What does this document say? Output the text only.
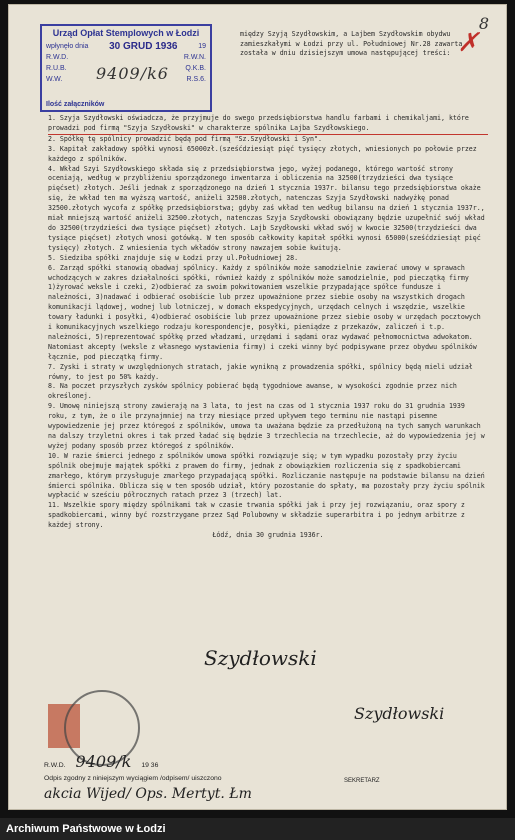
8
✗
Urząd Opłat Stemplowych w Łodzi
wpłynęło dnia 30 GRUD 1936	19
R.W.D.	R.W.N.
R.U.B.	Q.K.B.
W.W.	R.S.6.
Ilość załączników
9409/k6
między Szyją Szydłowskim, a Lajbem Szydłowskim obydwu zamieszkałymi w Łodzi przy ul. Południowej Nr.28 zawarta została w dniu dzisiejszym umowa następującej treści:

1. Szyja Szydłowski oświadcza, że przyjmuje do swego przedsiębiorstwa handlu farbami i chemikaljami, które prowadzi pod firmą "Szyja Szydłowski" w charakterze spólnika Lajba Szydłowskiego.

2. Spółkę tę spólnicy prowadzić będą pod firmą "Sz.Szydłowski i Syn".

3. Kapitał zakładowy spółki wynosi 65000zł.(sześćdziesiąt pięć tysięcy złotych, wniesionych po połowie przez każdego z spólników.

4. Wkład Szyi Szydłowskiego składa się z przedsiębiorstwa jego, wyżej podanego, którego wartość strony oceniają, według w przybliżeniu sporządzonego inwentarza i obliczenia na 32500(trzydzieści dwa tysiące pięćset) złotych. Jeśli jednak z sporządzonego na dzień 1 stycznia 1937r. bilansu tego przedsiębiorstwa okaże się, że wkład ten ma wyższą wartość, aniżeli 32500.złotych, natenczas Szyja Szydłowski nadwyżkę ponad 32500.złotych wycofa z spółkę przedsiębiorstwa; gdyby zaś wkład ten według bilansu na dzień 1 stycznia 1937r., miał mniejszą wartość aniżeli 32500.złotych, natenczas Szyja Szydłowski obowiązany będzie uzupełnić swój wkład do 32500(trzydzieści dwa tysiące pięćset) złotych. Lajb Szydłowski wkład swój w kwocie 32500(trzydzieści dwa tysiące pięćset) złotych wnosi gotówką. W ten sposób całkowity kapitał spółki wynosi 65000(sześćdziesiąt pięć tysięcy) złotych. Z wniesienia tych wkładów strony nawzajem sobie kwitują.

5. Siedziba spółki znajduje się w Łodzi przy ul.Południowej 28.

6. Zarząd spółki stanowią obadwaj spólnicy. Każdy z spólników może samodzielnie zawierać umowy w sprawach wchodzących w zakres działalności spółki, również każdy z spólników może samodzielnie, pod pieczątką firmy 1)żyrować weksle i czeki, 2)odbierać za swoim pokwitowaniem wszelkie przypadające spółce fundusze i należności, 3)nadawać i odbierać osobiście lub przez upoważnione przez siebie osoby na wszystkich drogach komunikacji lądowej, wodnej lub lotniczej, w domach ekspedycyjnych, urzędach celnych i wszędzie, wszelkie towary ładunki i posyłki, 4)odbierać osobiście lub przez upoważnione przez siebie osoby w urzędach pocztowych i komunikacyjnych wszelkiego rodzaju korespondencje, posyłki, pieniądze z przekazów, zaliczeń i t.p. należności, 5)reprezentować spółkę przed władzami, urzędami i sądami oraz wydawać pełnomocnictwa adwokatom. Natomiast akcepty (weksle z własnego wystawienia firmy) i czeki winny być podpisywane przez obydwu spólników łącznie, pod pieczątką firmy.

7. Zyski i straty w uwzględnionych stratach, jakie wynikną z prowadzenia spółki, spólnicy będą mieli udział równy, to jest po 50% każdy.

8. Na poczet przyszłych zysków spólnicy pobierać będą tygodniowe awanse, w wysokości zgodnie przez nich określonej.

9. Umowę niniejszą strony zawierają na 3 lata, to jest na czas od 1 stycznia 1937 roku do 31 grudnia 1939 roku, z tym, że o ile przynajmniej na trzy miesiące przed upływem tego terminu nie nastąpi pisemne wypowiedzenie jej przez któregoś z spólników, umowa ta uważana będzie za przedłużoną na tych samych warunkach na dalszy trzyletni okres i tak przed ładać się będzie 3 trzechlecia na trzechlecie, aż do wypowiedzenia jej w wyżej podany sposób przez któregoś z spólników.

10. W razie śmierci jednego z spólników umowa spółki rozwiązuje się; w tym wypadku pozostały przy życiu spólnik obejmuje majątek spółki z prawem do firmy, jednak z obowiązkiem rozliczenia się z spadkobiercami zmarłego, którym przysługuje zmarłego przypadającą spółki. Rozliczanie następuje na podstawie bilansu na dzień śmierci spólnika. Oblicza się w ten sposób udział, który pozostanie do spłaty, ma pozostały przy życiu spólnik wypłacić w sześciu półrocznych ratach przez 3 (trzech) lat.

11. Wszelkie spory między spólnikami tak w czasie trwania spółki jak i przy jej rozwiązaniu, oraz spory z spadkobiercami, winny być rozstrzygane przez Sąd Polubowny w składzie superarbitra i po jednym arbitrze z każdej strony.

Łódź, dnia 30 grudnia 1936r.

Szydłowski
Szydłowski
R.W.D. 9409/k 19 36
Odpis zgodny z niniejszym wyciągiem /odpisem/ uiszczono
akcia Wijed/ Ops. Mertyt. Łm
SEKRETARZ
Archiwum Państwowe w Łodzi
